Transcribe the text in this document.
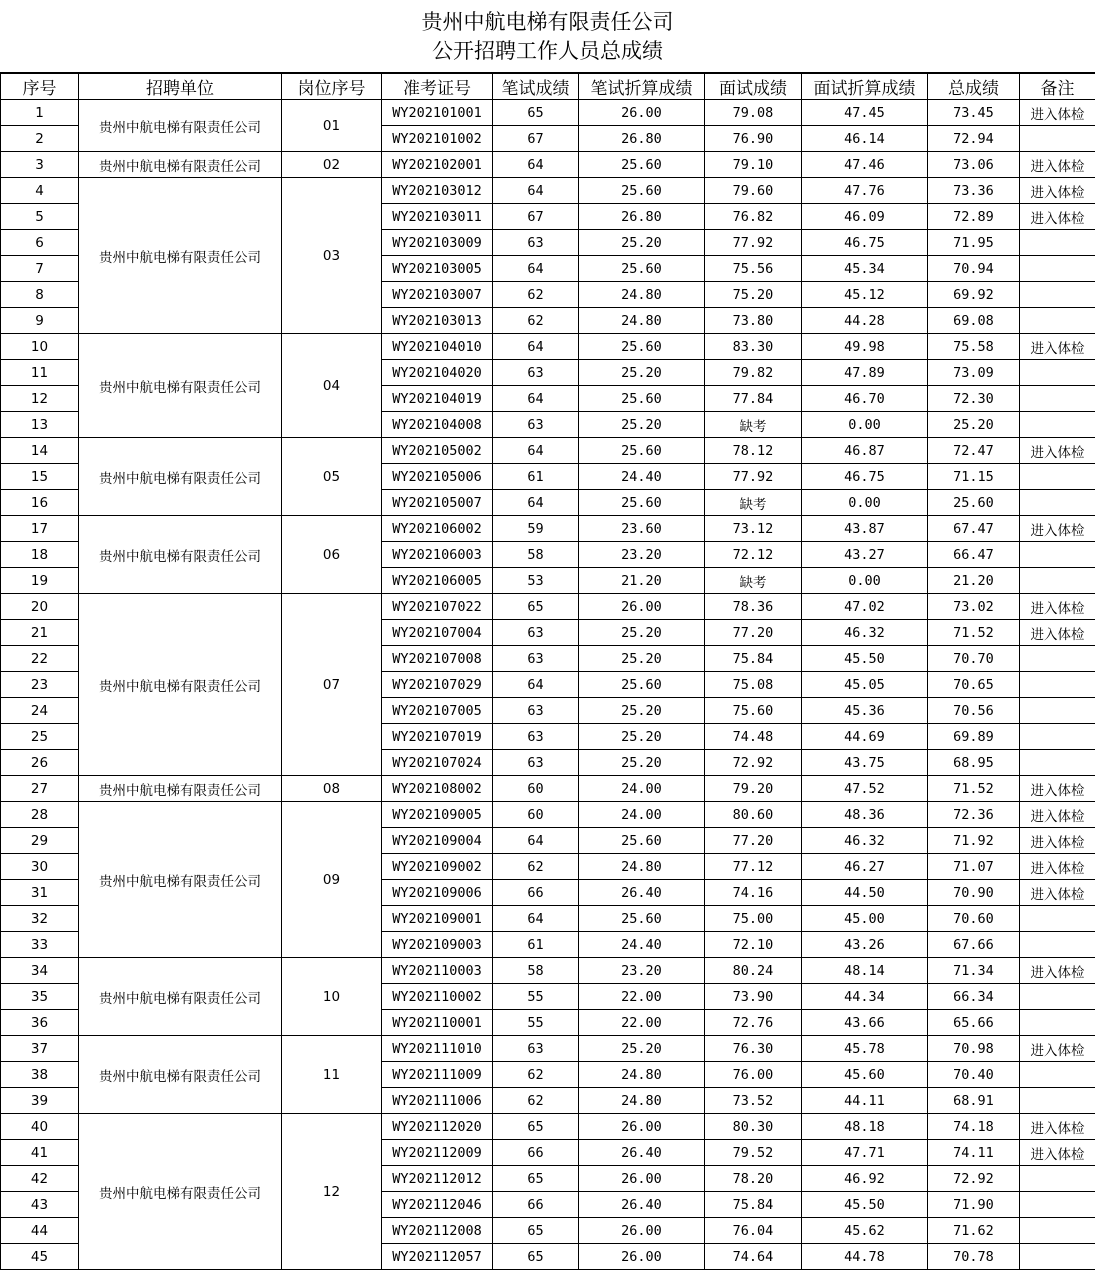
贵州中航电梯有限责任公司
公开招聘工作人员总成绩
序号	招聘单位	岗位序号	准考证号	笔试成绩	笔试折算成绩	面试成绩	面试折算成绩	总成绩	备注
1	贵州中航电梯有限责任公司	01	WY202101001	65	26.00	79.08	47.45	73.45	进入体检
2			WY202101002	67	26.80	76.90	46.14	72.94	
3	贵州中航电梯有限责任公司	02	WY202102001	64	25.60	79.10	47.46	73.06	进入体检
4	贵州中航电梯有限责任公司	03	WY202103012	64	25.60	79.60	47.76	73.36	进入体检
5			WY202103011	67	26.80	76.82	46.09	72.89	进入体检
6			WY202103009	63	25.20	77.92	46.75	71.95	
7			WY202103005	64	25.60	75.56	45.34	70.94	
8			WY202103007	62	24.80	75.20	45.12	69.92	
9			WY202103013	62	24.80	73.80	44.28	69.08	
10	贵州中航电梯有限责任公司	04	WY202104010	64	25.60	83.30	49.98	75.58	进入体检
11			WY202104020	63	25.20	79.82	47.89	73.09	
12			WY202104019	64	25.60	77.84	46.70	72.30	
13			WY202104008	63	25.20	缺考	0.00	25.20	
14	贵州中航电梯有限责任公司	05	WY202105002	64	25.60	78.12	46.87	72.47	进入体检
15			WY202105006	61	24.40	77.92	46.75	71.15	
16			WY202105007	64	25.60	缺考	0.00	25.60	
17	贵州中航电梯有限责任公司	06	WY202106002	59	23.60	73.12	43.87	67.47	进入体检
18			WY202106003	58	23.20	72.12	43.27	66.47	
19			WY202106005	53	21.20	缺考	0.00	21.20	
20	贵州中航电梯有限责任公司	07	WY202107022	65	26.00	78.36	47.02	73.02	进入体检
21			WY202107004	63	25.20	77.20	46.32	71.52	进入体检
22			WY202107008	63	25.20	75.84	45.50	70.70	
23			WY202107029	64	25.60	75.08	45.05	70.65	
24			WY202107005	63	25.20	75.60	45.36	70.56	
25			WY202107019	63	25.20	74.48	44.69	69.89	
26			WY202107024	63	25.20	72.92	43.75	68.95	
27	贵州中航电梯有限责任公司	08	WY202108002	60	24.00	79.20	47.52	71.52	进入体检
28	贵州中航电梯有限责任公司	09	WY202109005	60	24.00	80.60	48.36	72.36	进入体检
29			WY202109004	64	25.60	77.20	46.32	71.92	进入体检
30			WY202109002	62	24.80	77.12	46.27	71.07	进入体检
31			WY202109006	66	26.40	74.16	44.50	70.90	进入体检
32			WY202109001	64	25.60	75.00	45.00	70.60	
33			WY202109003	61	24.40	72.10	43.26	67.66	
34	贵州中航电梯有限责任公司	10	WY202110003	58	23.20	80.24	48.14	71.34	进入体检
35			WY202110002	55	22.00	73.90	44.34	66.34	
36			WY202110001	55	22.00	72.76	43.66	65.66	
37	贵州中航电梯有限责任公司	11	WY202111010	63	25.20	76.30	45.78	70.98	进入体检
38			WY202111009	62	24.80	76.00	45.60	70.40	
39			WY202111006	62	24.80	73.52	44.11	68.91	
40	贵州中航电梯有限责任公司	12	WY202112020	65	26.00	80.30	48.18	74.18	进入体检
41			WY202112009	66	26.40	79.52	47.71	74.11	进入体检
42			WY202112012	65	26.00	78.20	46.92	72.92	
43			WY202112046	66	26.40	75.84	45.50	71.90	
44			WY202112008	65	26.00	76.04	45.62	71.62	
45			WY202112057	65	26.00	74.64	44.78	70.78	
